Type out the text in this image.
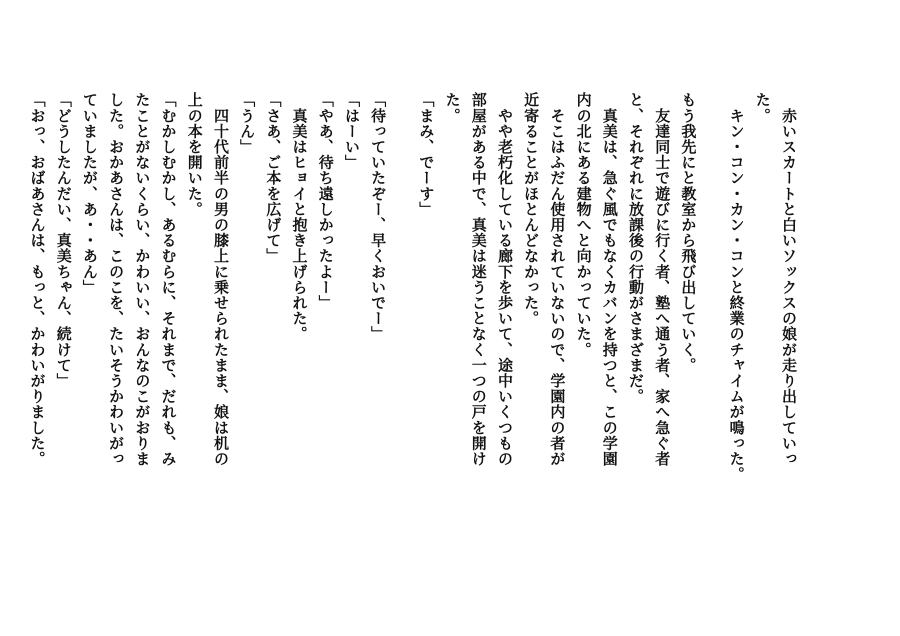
　赤いスカートと白いソックスの娘が走り出していっ

た。

　キン・コン・カン・コンと終業のチャイムが鳴った。

もう我先にと教室から飛び出していく。

　友達同士で遊びに行く者、塾へ通う者、家へ急ぐ者

と、それぞれに放課後の行動がさまざまだ。

　真美は、急ぐ風でもなくカバンを持つと、この学園

内の北にある建物へと向かっていた。

　そこはふだん使用されていないので、学園内の者が

近寄ることがほとんどなかった。

　やや老朽化している廊下を歩いて、途中いくつもの

部屋がある中で、真美は迷うことなく一つの戸を開け

た。

「まみ、でーす」

「待っていたぞー、早くおいでー」

「はーい」

「やあ、待ち遠しかったよー」

　真美はヒョイと抱き上げられた。

「さあ、ご本を広げて」

「うん」

　四十代前半の男の膝上に乗せられたまま、娘は机の

上の本を開いた。

「むかしむかし、あるむらに、それまで、だれも、み

たことがないくらい、かわいい、おんなのこがおりま

した。おかあさんは、このこを、たいそうかわいがっ

ていましたが、あ・・あん」

「どうしたんだい、真美ちゃん、続けて」

「おっ、おばあさんは、もっと、かわいがりました。
